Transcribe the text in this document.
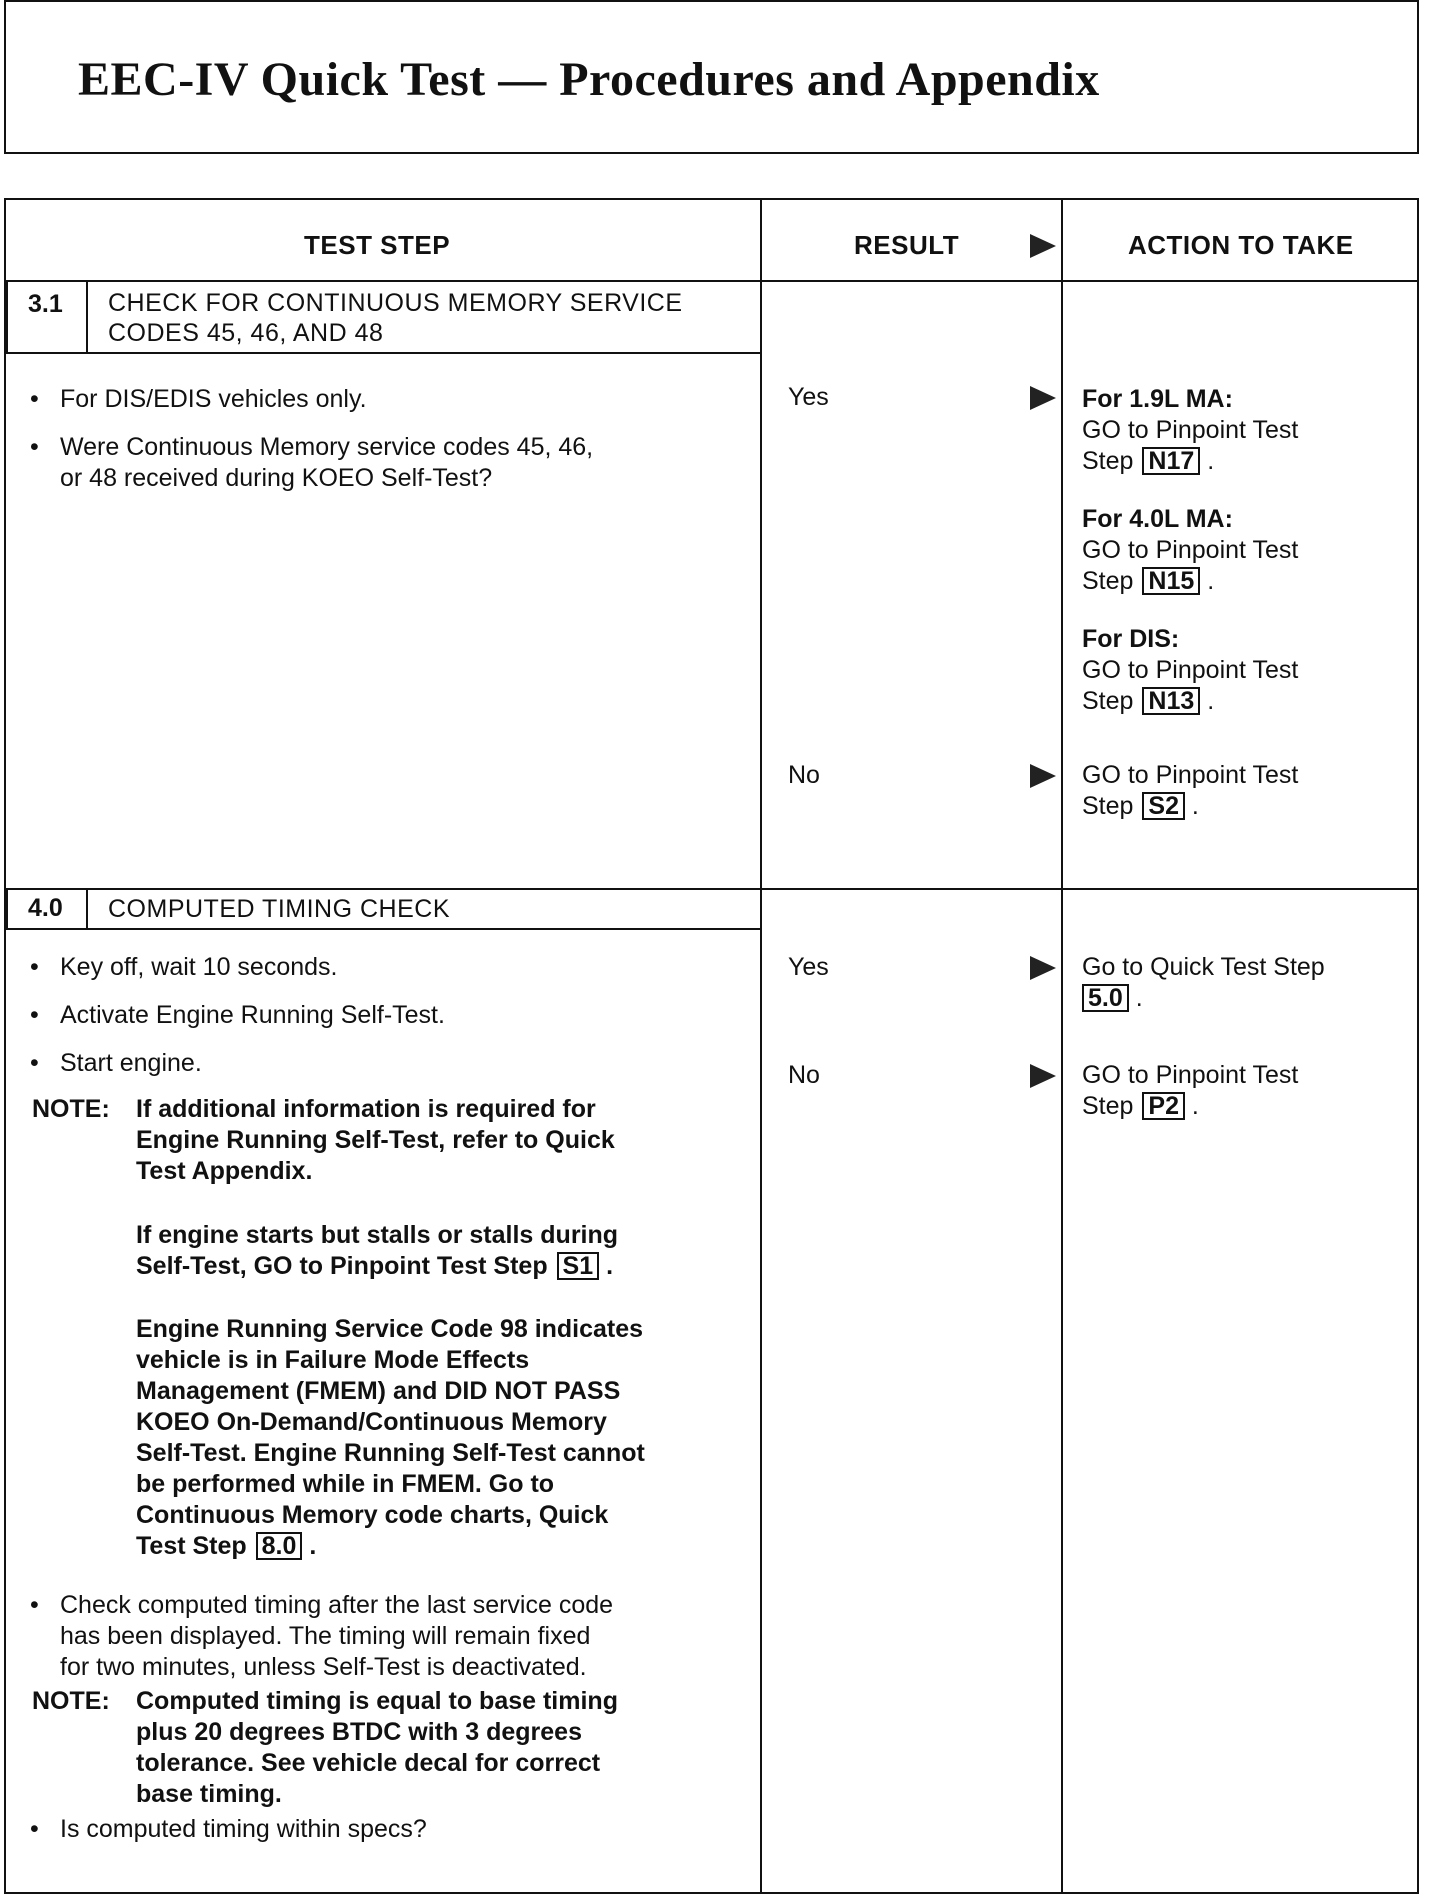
EEC-IV Quick Test — Procedures and Appendix
TEST STEP	RESULT	ACTION TO TAKE
3.1	CHECK FOR CONTINUOUS MEMORY SERVICE
CODES 45, 46, AND 48
• For DIS/EDIS vehicles only.
• Were Continuous Memory service codes 45, 46,
or 48 received during KOEO Self-Test?
Yes	For 1.9L MA:
GO to Pinpoint Test
Step N17 .
For 4.0L MA:
GO to Pinpoint Test
Step N15 .
For DIS:
GO to Pinpoint Test
Step N13 .
No	GO to Pinpoint Test
Step S2 .
4.0	COMPUTED TIMING CHECK
• Key off, wait 10 seconds.
• Activate Engine Running Self-Test.
• Start engine.
NOTE: If additional information is required for
Engine Running Self-Test, refer to Quick
Test Appendix.
If engine starts but stalls or stalls during
Self-Test, GO to Pinpoint Test Step S1 .
Engine Running Service Code 98 indicates
vehicle is in Failure Mode Effects
Management (FMEM) and DID NOT PASS
KOEO On-Demand/Continuous Memory
Self-Test. Engine Running Self-Test cannot
be performed while in FMEM. Go to
Continuous Memory code charts, Quick
Test Step 8.0 .
• Check computed timing after the last service code
has been displayed. The timing will remain fixed
for two minutes, unless Self-Test is deactivated.
NOTE: Computed timing is equal to base timing
plus 20 degrees BTDC with 3 degrees
tolerance. See vehicle decal for correct
base timing.
• Is computed timing within specs?
Yes	Go to Quick Test Step
5.0 .
No	GO to Pinpoint Test
Step P2 .
